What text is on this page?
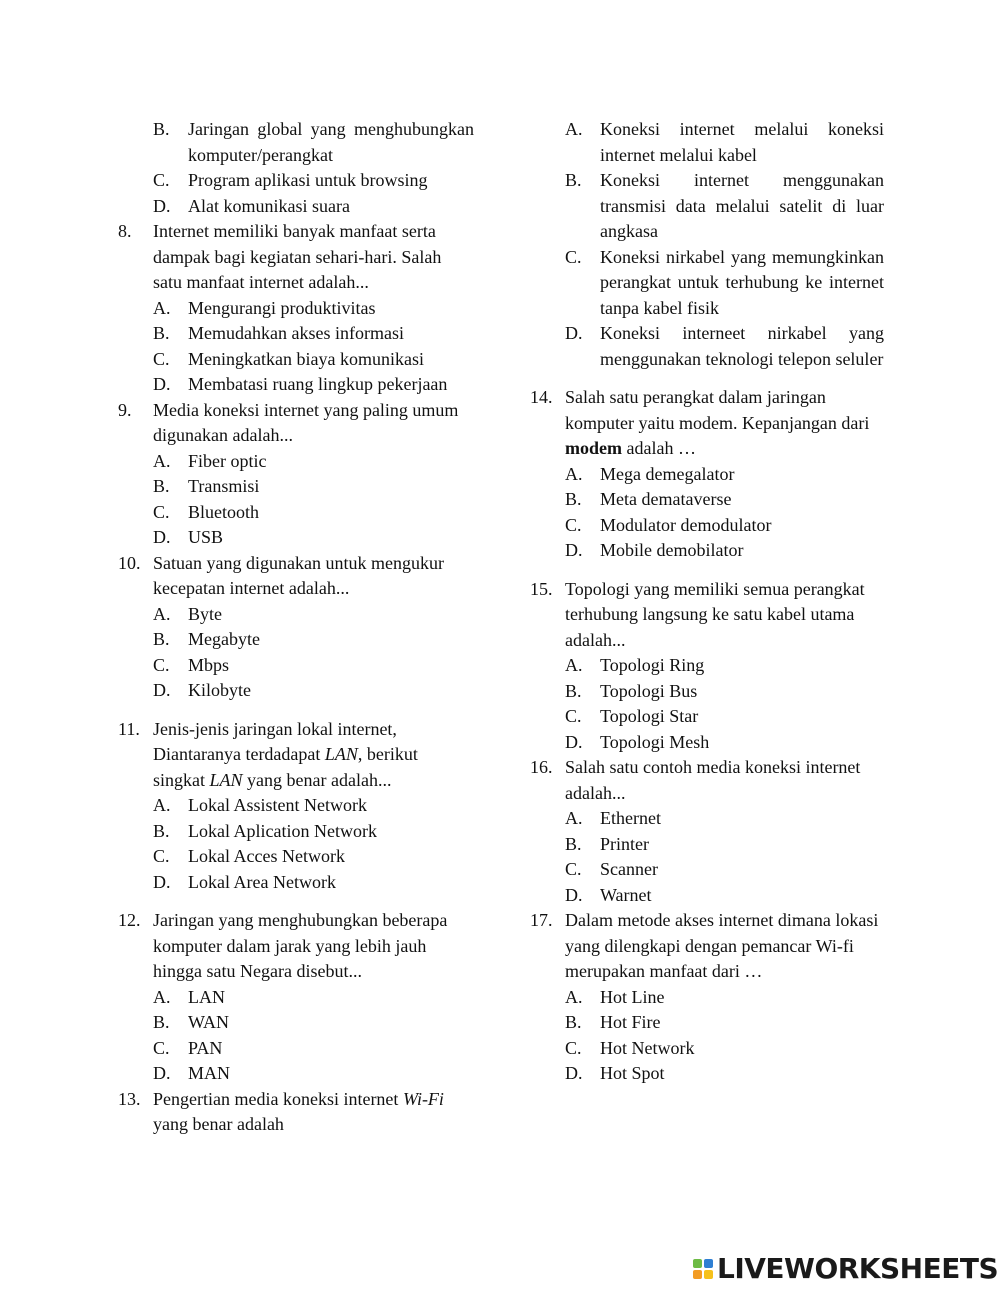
B. Jaringan global yang menghubungkan komputer/perangkat
C. Program aplikasi untuk browsing
D. Alat komunikasi suara
8. Internet memiliki banyak manfaat serta dampak bagi kegiatan sehari-hari. Salah satu manfaat internet adalah...

A. Mengurangi produktivitas
B. Memudahkan akses informasi
C. Meningkatkan biaya komunikasi
D. Membatasi ruang lingkup pekerjaan
9. Media koneksi internet yang paling umum digunakan adalah...

A. Fiber optic
B. Transmisi
C. Bluetooth
D. USB
10. Satuan yang digunakan untuk mengukur kecepatan internet adalah...

A. Byte
B. Megabyte
C. Mbps
D. Kilobyte
11. Jenis-jenis jaringan lokal internet, Diantaranya terdadapat LAN, berikut singkat LAN yang benar adalah...

A. Lokal Assistent Network
B. Lokal Aplication Network
C. Lokal Acces Network
D. Lokal Area Network
12. Jaringan yang menghubungkan beberapa komputer dalam jarak yang lebih jauh hingga satu Negara disebut...

A. LAN
B. WAN
C. PAN
D. MAN
13. Pengertian media koneksi internet Wi-Fi yang benar adalah

A. Koneksi internet melalui koneksi internet melalui kabel
B. Koneksi internet menggunakan transmisi data melalui satelit di luar angkasa
C. Koneksi nirkabel yang memungkinkan perangkat untuk terhubung ke internet tanpa kabel fisik
D. Koneksi interneet nirkabel yang menggunakan teknologi telepon seluler
14. Salah satu perangkat dalam jaringan komputer yaitu modem. Kepanjangan dari modem adalah …

A. Mega demegalator
B. Meta demataverse
C. Modulator demodulator
D. Mobile demobilator
15. Topologi yang memiliki semua perangkat terhubung langsung ke satu kabel utama adalah...

A. Topologi Ring
B. Topologi Bus
C. Topologi Star
D. Topologi Mesh
16. Salah satu contoh media koneksi internet adalah...

A. Ethernet
B. Printer
C. Scanner
D. Warnet
17. Dalam metode akses internet dimana lokasi yang dilengkapi dengan pemancar Wi-fi merupakan manfaat dari …

A. Hot Line
B. Hot Fire
C. Hot Network
D. Hot Spot
LIVEWORKSHEETS
